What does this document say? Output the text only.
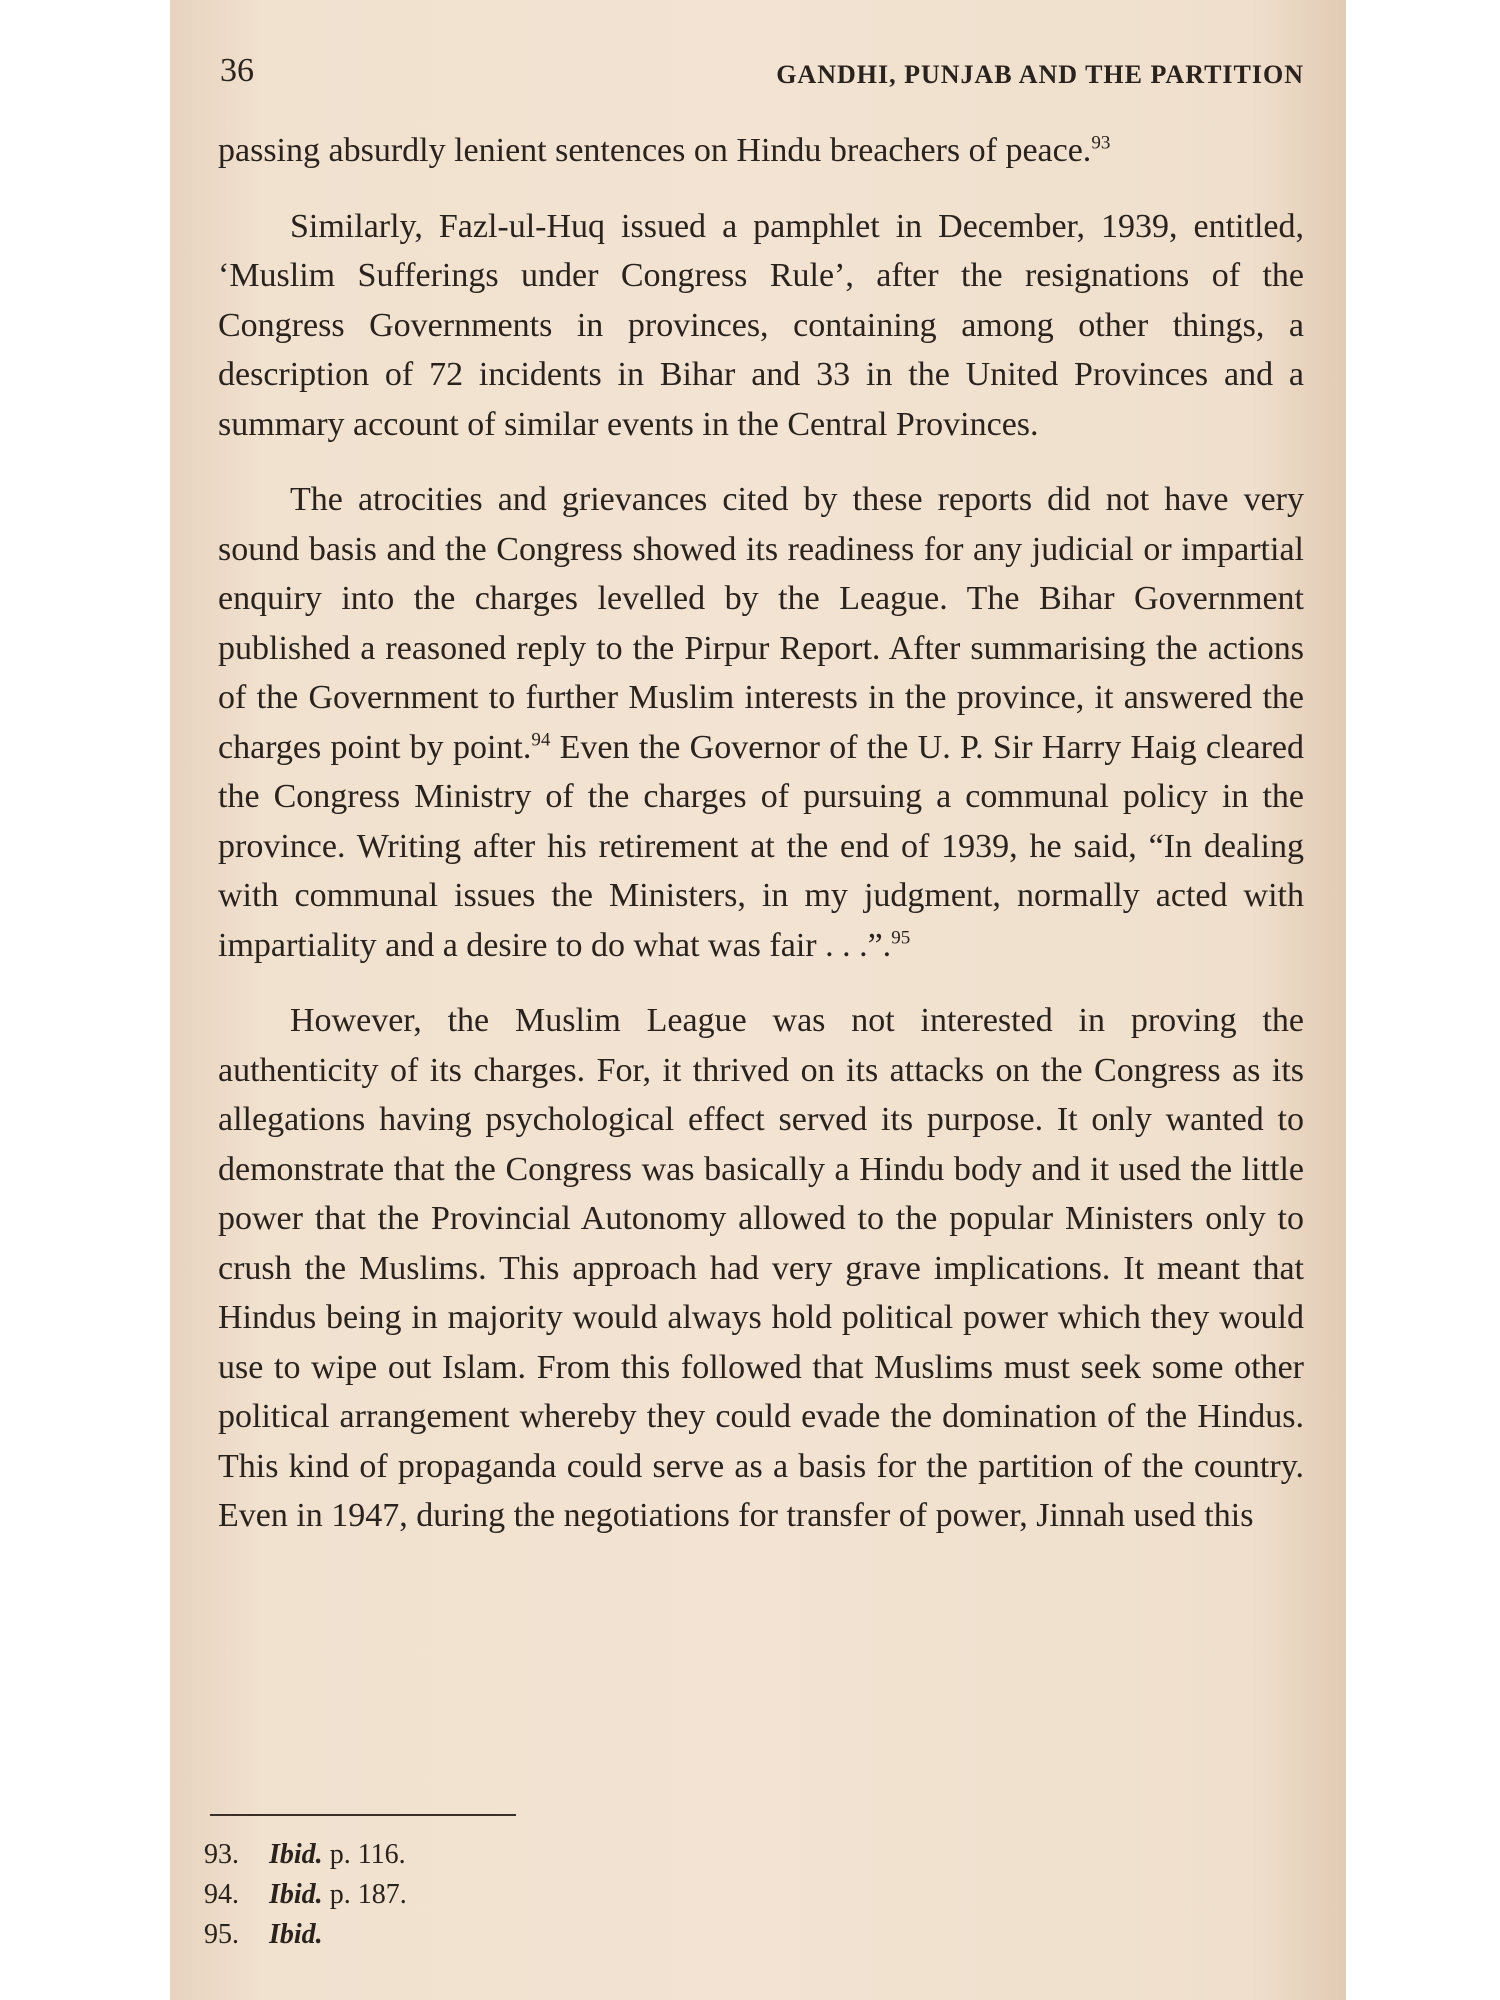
36	GANDHI, PUNJAB AND THE PARTITION

passing absurdly lenient sentences on Hindu breachers of peace.$^{93}$

Similarly, Fazl-ul-Huq issued a pamphlet in December, 1939, entitled, ‘Muslim Sufferings under Congress Rule’, after the resignations of the Congress Governments in provinces, containing among other things, a description of 72 incidents in Bihar and 33 in the United Provinces and a summary account of similar events in the Central Provinces.

The atrocities and grievances cited by these reports did not have very sound basis and the Congress showed its readiness for any judicial or impartial enquiry into the charges levelled by the League. The Bihar Government published a reasoned reply to the Pirpur Report. After summarising the actions of the Government to further Muslim interests in the province, it answered the charges point by point.$^{94}$ Even the Governor of the U. P. Sir Harry Haig cleared the Congress Ministry of the charges of pursuing a communal policy in the province. Writing after his retirement at the end of 1939, he said, “In dealing with communal issues the Ministers, in my judgment, normally acted with impartiality and a desire to do what was fair . . .”.$^{95}$

However, the Muslim League was not interested in proving the authenticity of its charges. For, it thrived on its attacks on the Congress as its allegations having psychological effect served its purpose. It only wanted to demonstrate that the Congress was basically a Hindu body and it used the little power that the Provincial Autonomy allowed to the popular Ministers only to crush the Muslims. This approach had very grave implications. It meant that Hindus being in majority would always hold political power which they would use to wipe out Islam. From this followed that Muslims must seek some other political arrangement whereby they could evade the domination of the Hindus. This kind of propaganda could serve as a basis for the partition of the country. Even in 1947, during the negotiations for transfer of power, Jinnah used this

93. Ibid. p. 116.

94. Ibid. p. 187.

95. Ibid.
